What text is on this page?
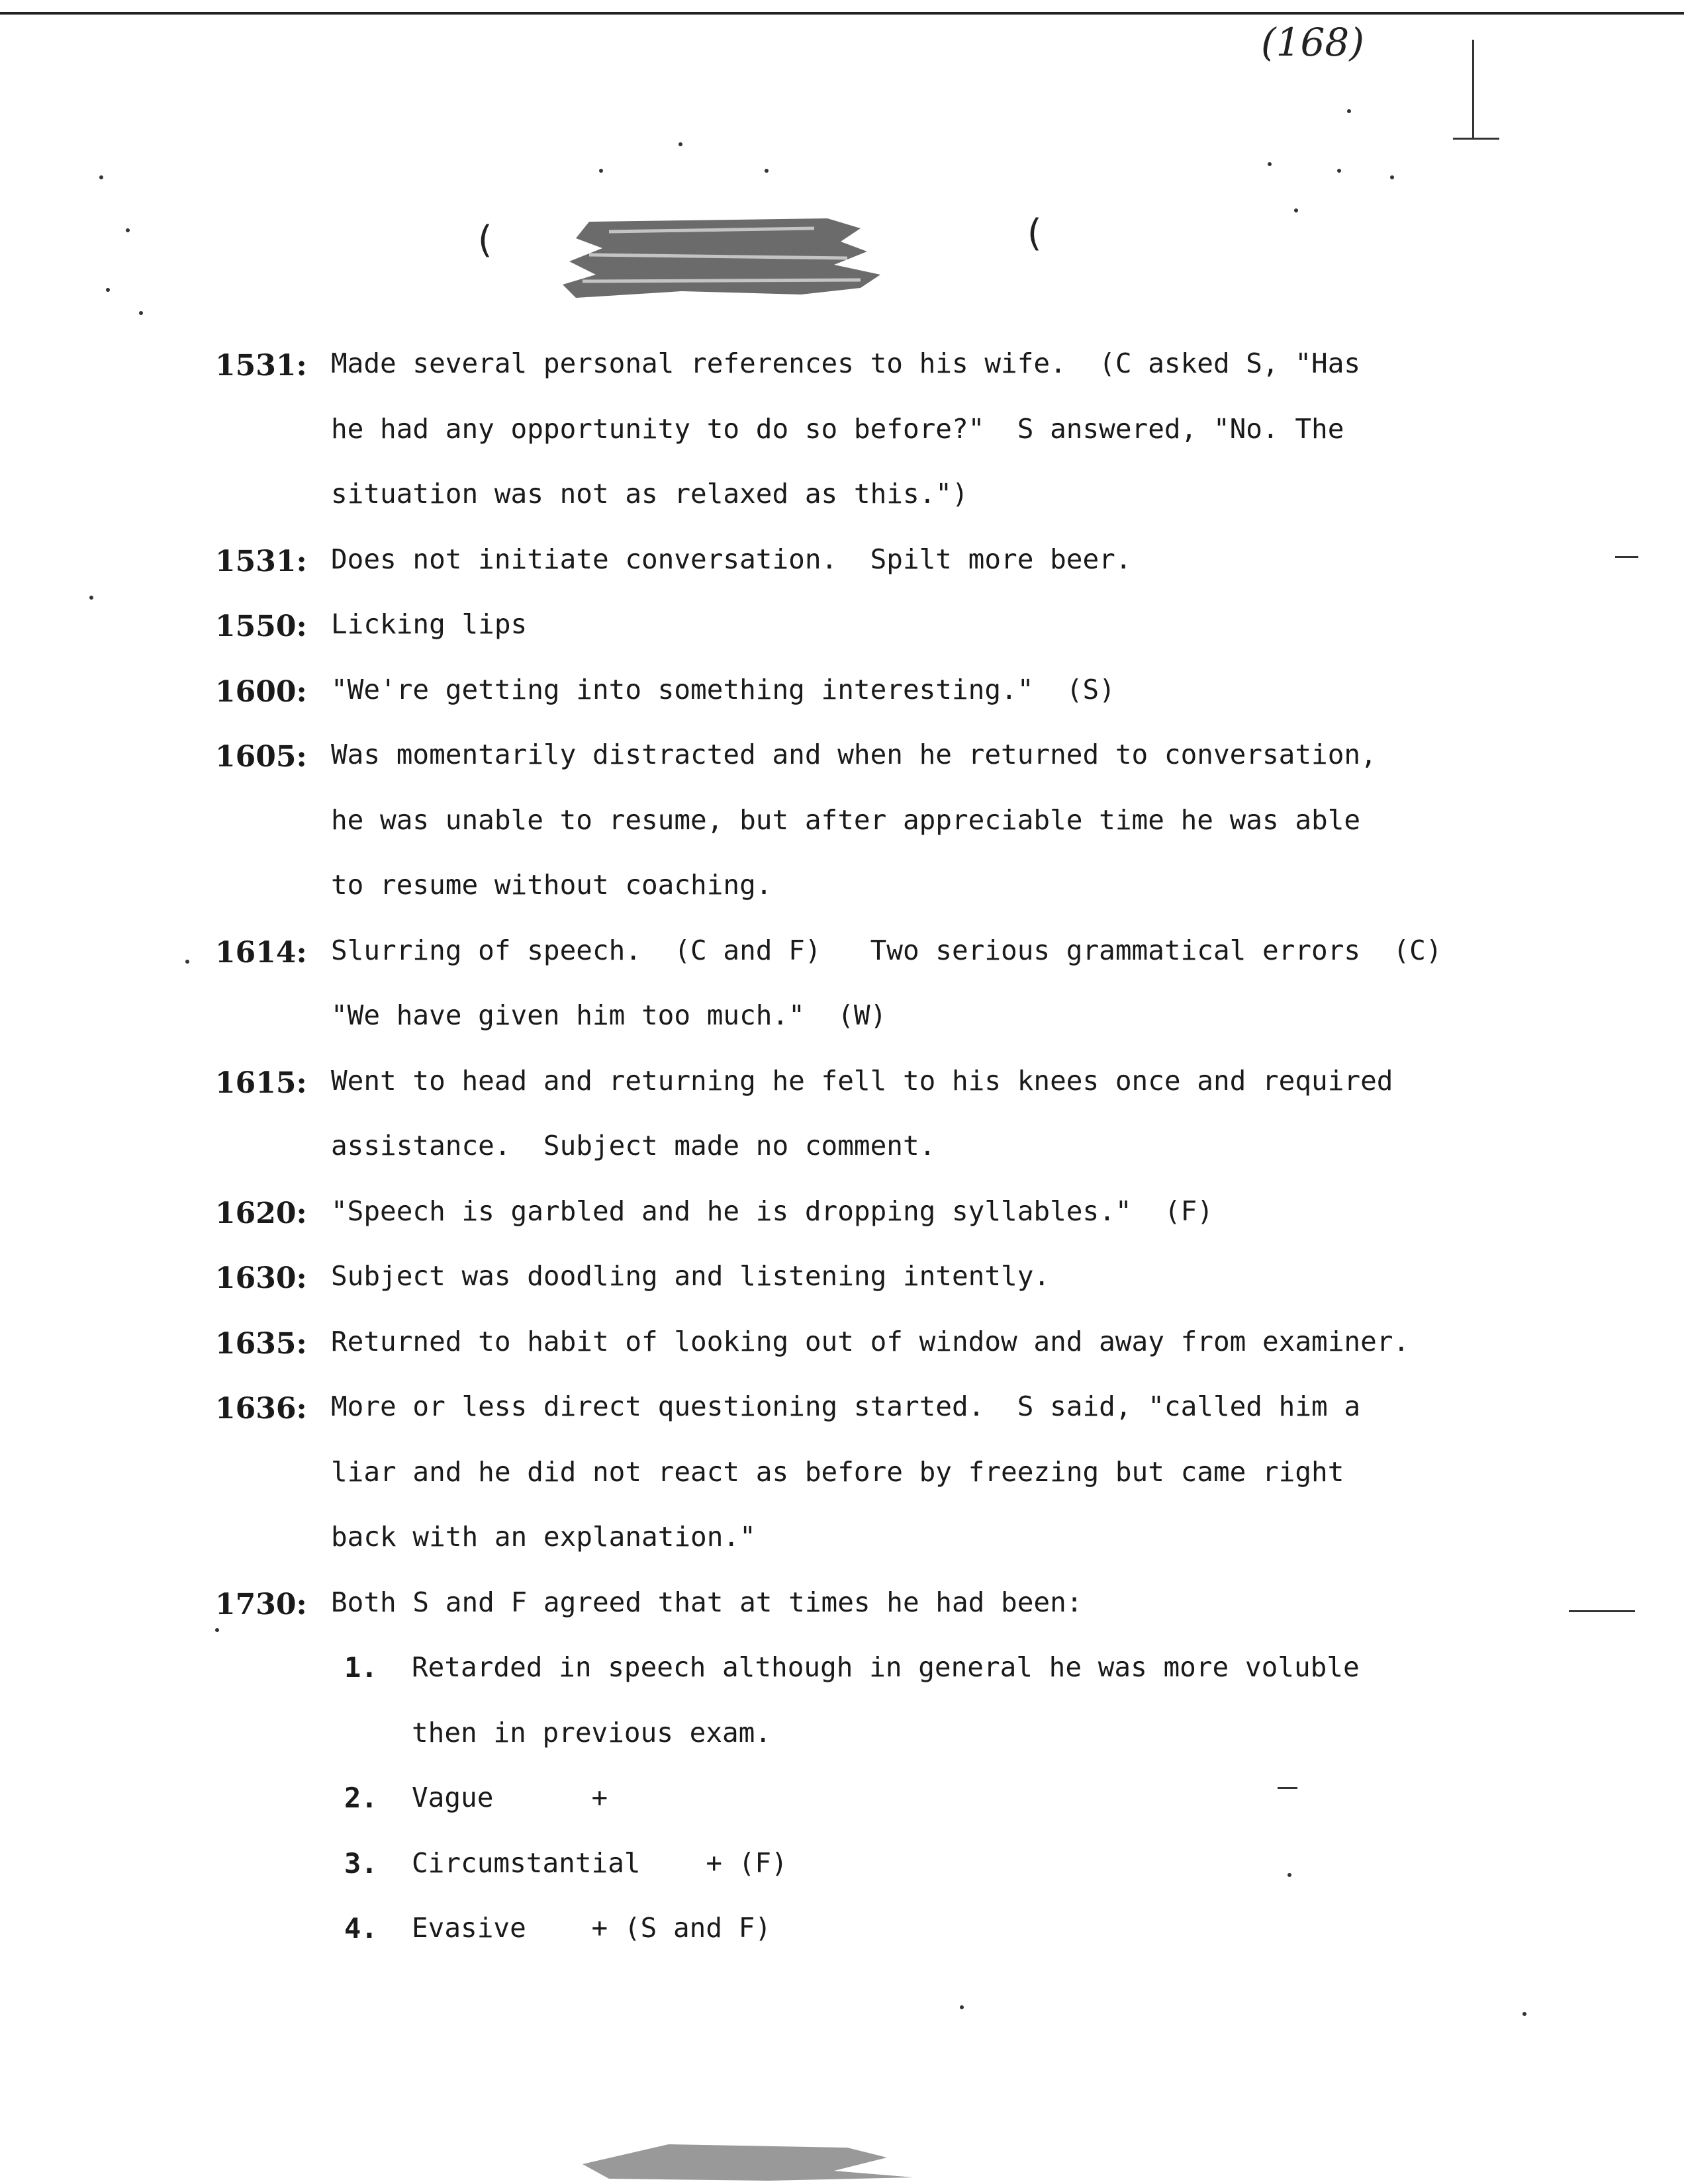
(168)
(	(
1531: Made several personal references to his wife.  (C asked S, "Has
he had any opportunity to do so before?"  S answered, "No. The
situation was not as relaxed as this.")
1531: Does not initiate conversation.  Spilt more beer.
1550: Licking lips
1600: "We're getting into something interesting."  (S)
1605: Was momentarily distracted and when he returned to conversation,
he was unable to resume, but after appreciable time he was able
to resume without coaching.
1614: Slurring of speech.  (C and F)   Two serious grammatical errors  (C)
"We have given him too much."  (W)
1615: Went to head and returning he fell to his knees once and required
assistance.  Subject made no comment.
1620: "Speech is garbled and he is dropping syllables."  (F)
1630: Subject was doodling and listening intently.
1635: Returned to habit of looking out of window and away from examiner.
1636: More or less direct questioning started.  S said, "called him a
liar and he did not react as before by freezing but came right
back with an explanation."
1730: Both S and F agreed that at times he had been:
1. Retarded in speech although in general he was more voluble
then in previous exam.
2. Vague      +
3. Circumstantial    + (F)
4. Evasive    + (S and F)
